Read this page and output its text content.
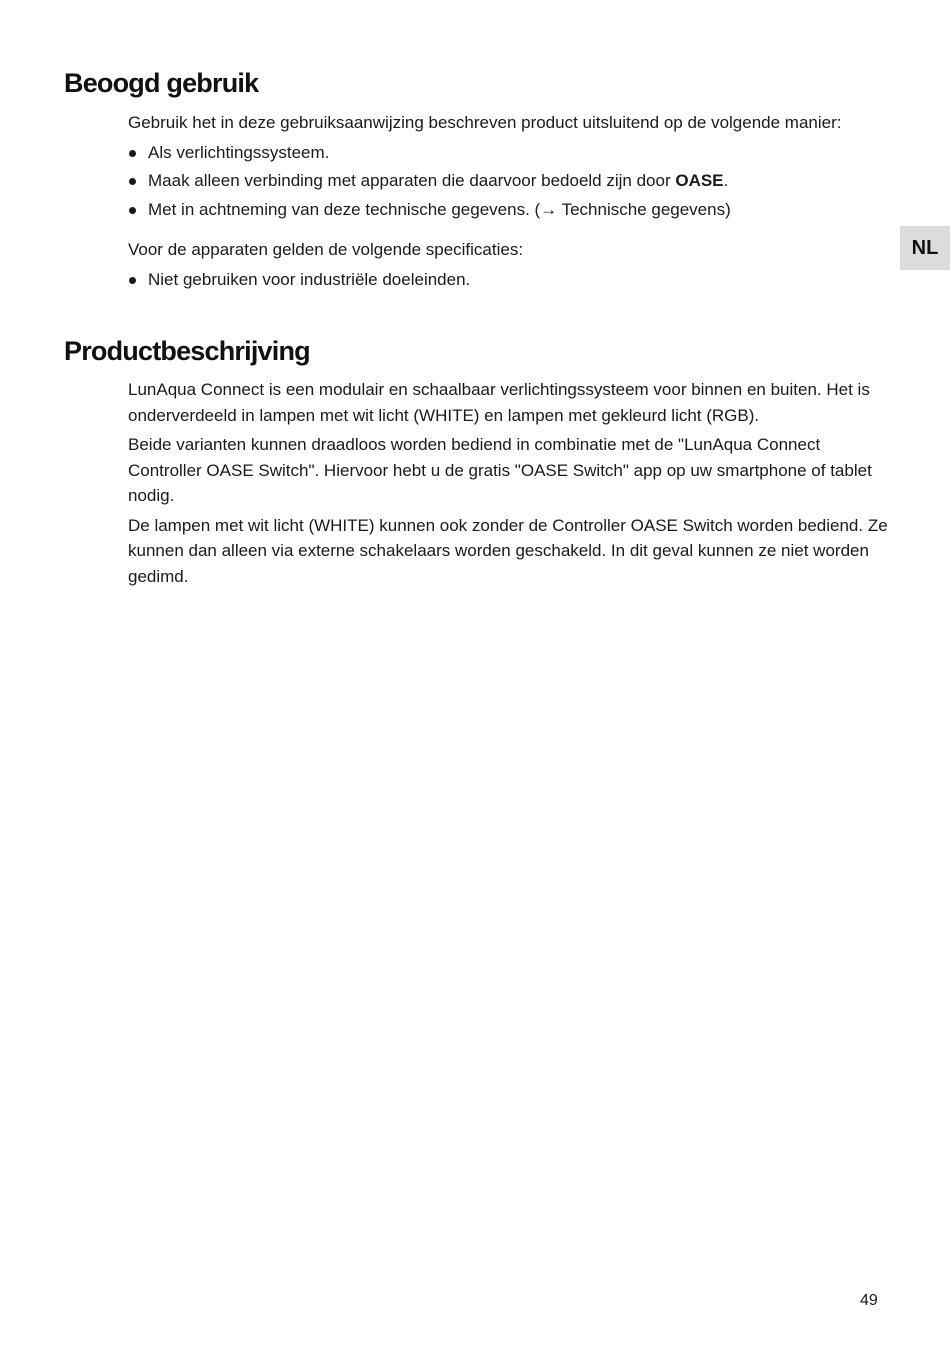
Beoogd gebruik

Gebruik het in deze gebruiksaanwijzing beschreven product uitsluitend op de volgende manier:

Als verlichtingssysteem.
Maak alleen verbinding met apparaten die daarvoor bedoeld zijn door OASE.
Met in achtneming van deze technische gegevens. (→ Technische gegevens)

Voor de apparaten gelden de volgende specificaties:

Niet gebruiken voor industriële doeleinden.
Productbeschrijving

LunAqua Connect is een modulair en schaalbaar verlichtingssysteem voor binnen en buiten. Het is onderverdeeld in lampen met wit licht (WHITE) en lampen met gekleurd licht (RGB).

Beide varianten kunnen draadloos worden bediend in combinatie met de "LunAqua Connect Controller OASE Switch". Hiervoor hebt u de gratis "OASE Switch" app op uw smartphone of tablet nodig.

De lampen met wit licht (WHITE) kunnen ook zonder de Controller OASE Switch worden bediend. Ze kunnen dan alleen via externe schakelaars worden geschakeld. In dit geval kunnen ze niet worden gedimd.

NL
49
